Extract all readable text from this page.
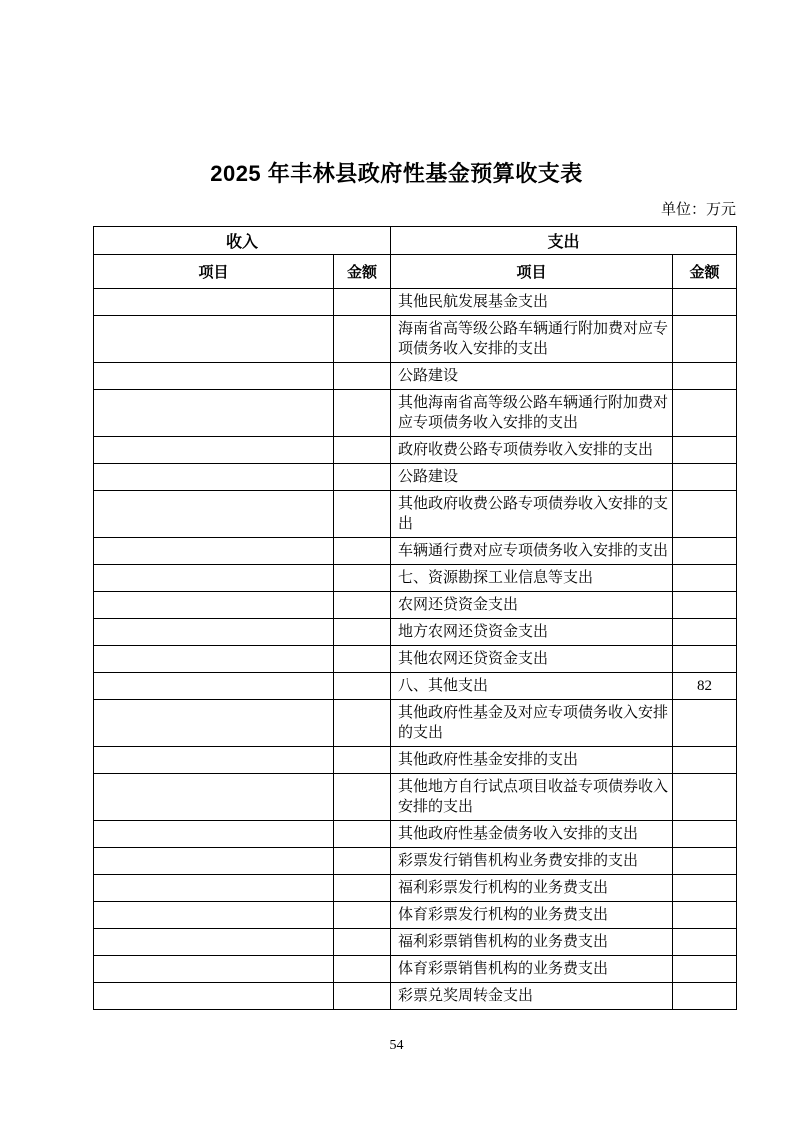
2025 年丰林县政府性基金预算收支表
单位：万元
收入		支出	
项目	金额	项目	金额
		其他民航发展基金支出	
		海南省高等级公路车辆通行附加费对应专项债务收入安排的支出	
		公路建设	
		其他海南省高等级公路车辆通行附加费对应专项债务收入安排的支出	
		政府收费公路专项债券收入安排的支出	
		公路建设	
		其他政府收费公路专项债券收入安排的支出	
		车辆通行费对应专项债务收入安排的支出	
		七、资源勘探工业信息等支出	
		农网还贷资金支出	
		地方农网还贷资金支出	
		其他农网还贷资金支出	
		八、其他支出	82
		其他政府性基金及对应专项债务收入安排的支出	
		其他政府性基金安排的支出	
		其他地方自行试点项目收益专项债券收入安排的支出	
		其他政府性基金债务收入安排的支出	
		彩票发行销售机构业务费安排的支出	
		福利彩票发行机构的业务费支出	
		体育彩票发行机构的业务费支出	
		福利彩票销售机构的业务费支出	
		体育彩票销售机构的业务费支出	
		彩票兑奖周转金支出	
54
